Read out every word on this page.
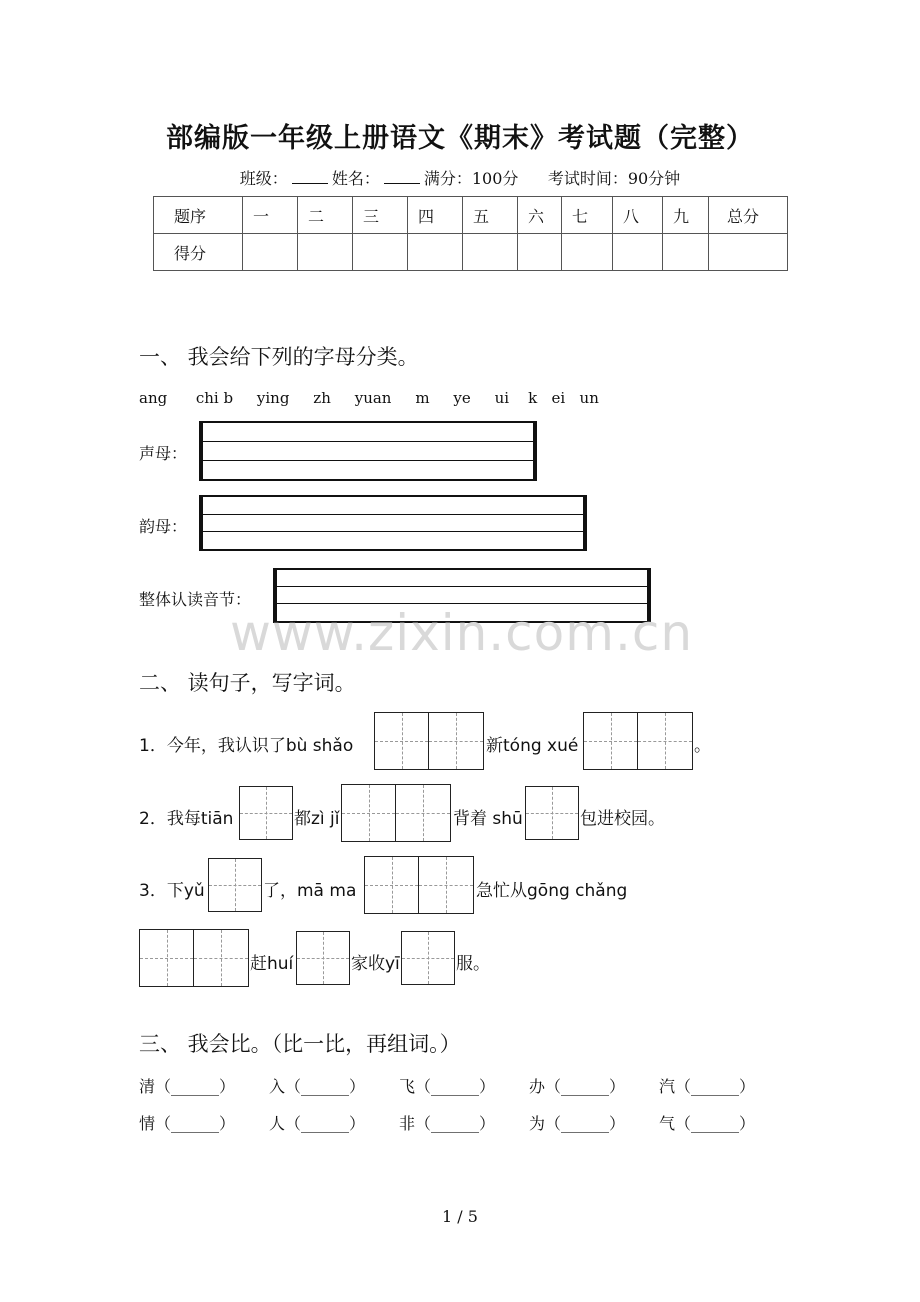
部编版一年级上册语文《期末》考试题（完整）
班级：	姓名：	满分：100分 考试时间：90分钟
题序	一	二	三	四	五	六	七	八	九	总分
得分										
一、 我会给下列的字母分类。
ang chi b ying zh yuan m ye ui k ei un
声母：
韵母：
整体认读音节：
www.zixin.com.cn
二、 读句子，写字词。
1．今年，我认识了bù shǎo	新tóng xué	。
2．我每tiān	都zì jǐ	背着 shū	包进校园。
3．下yǔ	了，mā ma	急忙从gōng chǎng
赶huí	家收yī	服。
三、 我会比。（比一比，再组词。）
清（______） 入（______） 飞（______） 办（______） 汽（______）
情（______） 人（______） 非（______） 为（______） 气（______）
1 / 5
